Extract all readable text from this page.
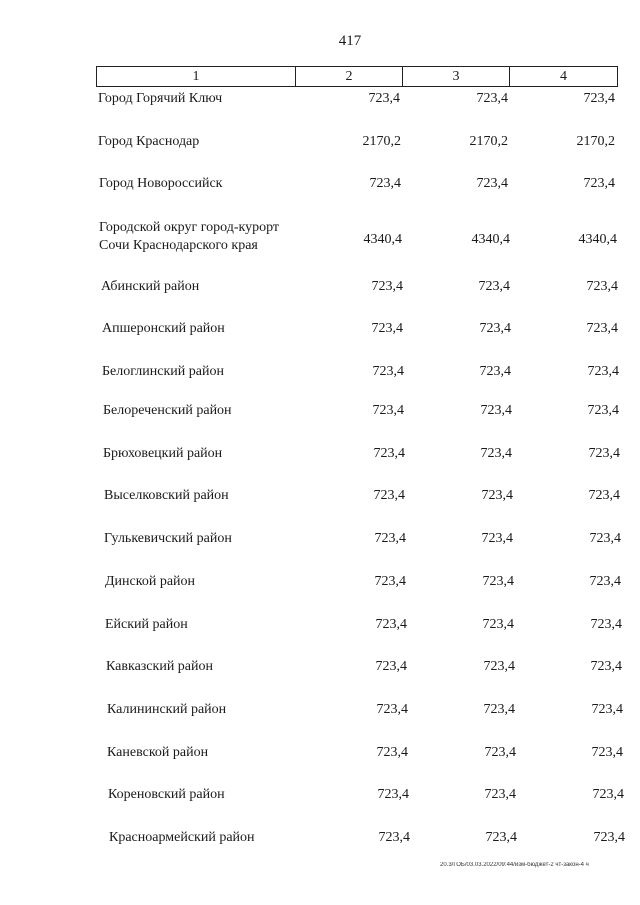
417
1	2	3	4
Город Горячий Ключ	723,4	723,4	723,4
Город Краснодар	2170,2	2170,2	2170,2
Город Новороссийск	723,4	723,4	723,4
Городской округ город-курорт
Сочи Краснодарского края	4340,4	4340,4	4340,4
Абинский район	723,4	723,4	723,4
Апшеронский район	723,4	723,4	723,4
Белоглинский район	723,4	723,4	723,4
Белореченский район	723,4	723,4	723,4
Брюховецкий район	723,4	723,4	723,4
Выселковский район	723,4	723,4	723,4
Гулькевичский район	723,4	723,4	723,4
Динской район	723,4	723,4	723,4
Ейский район	723,4	723,4	723,4
Кавказский район	723,4	723,4	723,4
Калининский район	723,4	723,4	723,4
Каневской район	723,4	723,4	723,4
Кореновский район	723,4	723,4	723,4
Красноармейский район	723,4	723,4	723,4
20.3/ГОБ/03.03.2022/09:44/изм-бюджет-2 чт-закон-4 ч
